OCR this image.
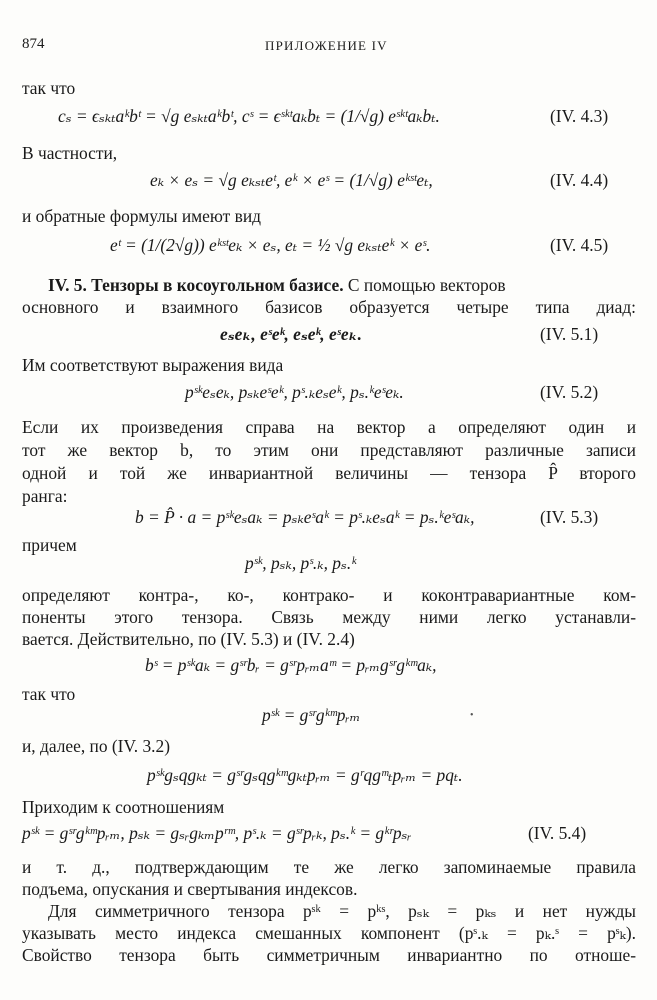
874	ПРИЛОЖЕНИЕ IV
так что
cₛ = ϵₛₖₜaᵏbᵗ = √g eₛₖₜaᵏbᵗ, cˢ = ϵˢᵏᵗaₖbₜ = (1/√g) eˢᵏᵗaₖbₜ.	(IV. 4.3)
В частности,
eₖ × eₛ = √g eₖₛₜeᵗ, eᵏ × eˢ = (1/√g) eᵏˢᵗeₜ,	(IV. 4.4)
и обратные формулы имеют вид
eᵗ = (1/(2√g)) eᵏˢᵗeₖ × eₛ, eₜ = ½ √g eₖₛₜeᵏ × eˢ.	(IV. 4.5)
IV. 5. Тензоры в косоугольном базисе. С помощью векторов
основного и взаимного базисов образуется четыре типа диад:
eₛeₖ, eˢeᵏ, eₛeᵏ, eˢeₖ.	(IV. 5.1)
Им соответствуют выражения вида
pˢᵏeₛeₖ, pₛₖeˢeᵏ, pˢ.ₖeₛeᵏ, pₛ.ᵏeˢeₖ.	(IV. 5.2)
Если их произведения справа на вектор a определяют один и
тот же вектор b, то этим они представляют различные записи
одной и той же инвариантной величины — тензора P̂ второго
ранга:
b = P̂ · a = pˢᵏeₛaₖ = pₛₖeˢaᵏ = pˢ.ₖeₛaᵏ = pₛ.ᵏeˢaₖ,	(IV. 5.3)
причем
pˢᵏ, pₛₖ, pˢ.ₖ, pₛ.ᵏ
определяют контра-, ко-, контрако- и коконтравариантные ком-
поненты этого тензора. Связь между ними легко устанавли-
вается. Действительно, по (IV. 5.3) и (IV. 2.4)
bˢ = pˢᵏaₖ = gˢʳbᵣ = gˢʳpᵣₘaᵐ = pᵣₘgˢʳgᵏᵐaₖ,
так что
pˢᵏ = gˢʳgᵏᵐpᵣₘ	•
и, далее, по (IV. 3.2)
pˢᵏgₛqgₖₜ = gˢʳgₛqgᵏᵐgₖₜpᵣₘ = gʳqgᵐₜpᵣₘ = pqₜ.
Приходим к соотношениям
pˢᵏ = gˢʳgᵏᵐpᵣₘ, pₛₖ = gₛᵣgₖₘpʳᵐ, pˢ.ₖ = gˢʳpᵣₖ, pₛ.ᵏ = gᵏʳpₛᵣ	(IV. 5.4)
и т. д., подтверждающим те же легко запоминаемые правила
подъема, опускания и свертывания индексов.
Для симметричного тензора pˢᵏ = pᵏˢ, pₛₖ = pₖₛ и нет нужды
указывать место индекса смешанных компонент (pˢ.ₖ = pₖ.ˢ = pˢₖ).
Свойство тензора быть симметричным инвариантно по отноше-
